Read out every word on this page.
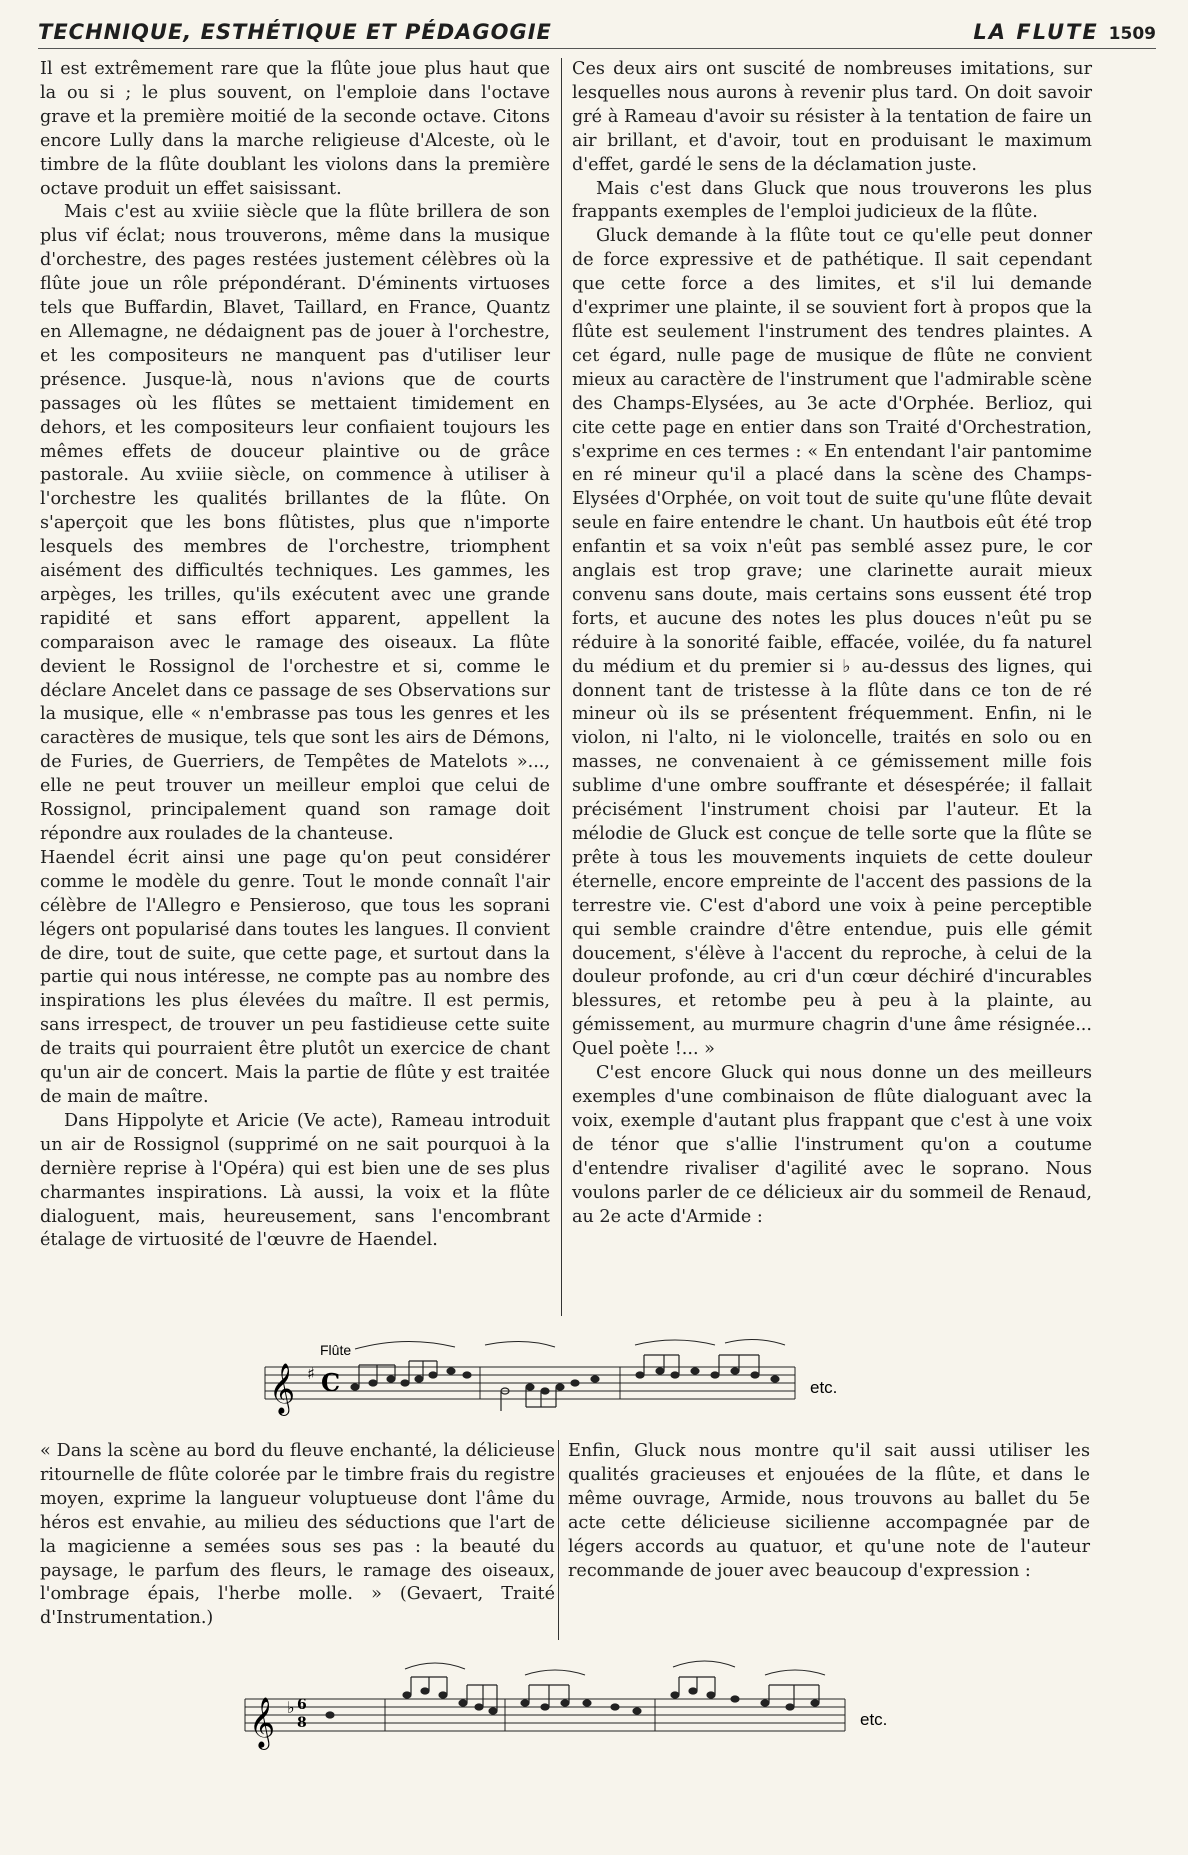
TECHNIQUE, ESTHÉTIQUE ET PÉDAGOGIE	LA FLUTE 1509

Il est extrêmement rare que la flûte joue plus haut que la ou si ; le plus souvent, on l'emploie dans l'octave grave et la première moitié de la seconde octave. Citons encore Lully dans la marche religieuse d'Alceste, où le timbre de la flûte doublant les violons dans la première octave produit un effet saisissant.

Mais c'est au xviiie siècle que la flûte brillera de son plus vif éclat; nous trouverons, même dans la musique d'orchestre, des pages restées justement célèbres où la flûte joue un rôle prépondérant. D'éminents virtuoses tels que Buffardin, Blavet, Taillard, en France, Quantz en Allemagne, ne dédaignent pas de jouer à l'orchestre, et les compositeurs ne manquent pas d'utiliser leur présence. Jusque-là, nous n'avions que de courts passages où les flûtes se mettaient timidement en dehors, et les compositeurs leur confiaient toujours les mêmes effets de douceur plaintive ou de grâce pastorale. Au xviiie siècle, on commence à utiliser à l'orchestre les qualités brillantes de la flûte. On s'aperçoit que les bons flûtistes, plus que n'importe lesquels des membres de l'orchestre, triomphent aisément des difficultés techniques. Les gammes, les arpèges, les trilles, qu'ils exécutent avec une grande rapidité et sans effort apparent, appellent la comparaison avec le ramage des oiseaux. La flûte devient le Rossignol de l'orchestre et si, comme le déclare Ancelet dans ce passage de ses Observations sur la musique, elle « n'embrasse pas tous les genres et les caractères de musique, tels que sont les airs de Démons, de Furies, de Guerriers, de Tempêtes de Matelots »..., elle ne peut trouver un meilleur emploi que celui de Rossignol, principalement quand son ramage doit répondre aux roulades de la chanteuse.

Haendel écrit ainsi une page qu'on peut considérer comme le modèle du genre. Tout le monde connaît l'air célèbre de l'Allegro e Pensieroso, que tous les soprani légers ont popularisé dans toutes les langues. Il convient de dire, tout de suite, que cette page, et surtout dans la partie qui nous intéresse, ne compte pas au nombre des inspirations les plus élevées du maître. Il est permis, sans irrespect, de trouver un peu fastidieuse cette suite de traits qui pourraient être plutôt un exercice de chant qu'un air de concert. Mais la partie de flûte y est traitée de main de maître.

Dans Hippolyte et Aricie (Ve acte), Rameau introduit un air de Rossignol (supprimé on ne sait pourquoi à la dernière reprise à l'Opéra) qui est bien une de ses plus charmantes inspirations. Là aussi, la voix et la flûte dialoguent, mais, heureusement, sans l'encombrant étalage de virtuosité de l'œuvre de Haendel.

Ces deux airs ont suscité de nombreuses imitations, sur lesquelles nous aurons à revenir plus tard. On doit savoir gré à Rameau d'avoir su résister à la tentation de faire un air brillant, et d'avoir, tout en produisant le maximum d'effet, gardé le sens de la déclamation juste.

Mais c'est dans Gluck que nous trouverons les plus frappants exemples de l'emploi judicieux de la flûte.

Gluck demande à la flûte tout ce qu'elle peut donner de force expressive et de pathétique. Il sait cependant que cette force a des limites, et s'il lui demande d'exprimer une plainte, il se souvient fort à propos que la flûte est seulement l'instrument des tendres plaintes. A cet égard, nulle page de musique de flûte ne convient mieux au caractère de l'instrument que l'admirable scène des Champs-Elysées, au 3e acte d'Orphée. Berlioz, qui cite cette page en entier dans son Traité d'Orchestration, s'exprime en ces termes : « En entendant l'air pantomime en ré mineur qu'il a placé dans la scène des Champs-Elysées d'Orphée, on voit tout de suite qu'une flûte devait seule en faire entendre le chant. Un hautbois eût été trop enfantin et sa voix n'eût pas semblé assez pure, le cor anglais est trop grave; une clarinette aurait mieux convenu sans doute, mais certains sons eussent été trop forts, et aucune des notes les plus douces n'eût pu se réduire à la sonorité faible, effacée, voilée, du fa naturel du médium et du premier si ♭ au-dessus des lignes, qui donnent tant de tristesse à la flûte dans ce ton de ré mineur où ils se présentent fréquemment. Enfin, ni le violon, ni l'alto, ni le violoncelle, traités en solo ou en masses, ne convenaient à ce gémissement mille fois sublime d'une ombre souffrante et désespérée; il fallait précisément l'instrument choisi par l'auteur. Et la mélodie de Gluck est conçue de telle sorte que la flûte se prête à tous les mouvements inquiets de cette douleur éternelle, encore empreinte de l'accent des passions de la terrestre vie. C'est d'abord une voix à peine perceptible qui semble craindre d'être entendue, puis elle gémit doucement, s'élève à l'accent du reproche, à celui de la douleur profonde, au cri d'un cœur déchiré d'incurables blessures, et retombe peu à peu à la plainte, au gémissement, au murmure chagrin d'une âme résignée... Quel poète !... »

C'est encore Gluck qui nous donne un des meilleurs exemples d'une combinaison de flûte dialoguant avec la voix, exemple d'autant plus frappant que c'est à une voix de ténor que s'allie l'instrument qu'on a coutume d'entendre rivaliser d'agilité avec le soprano. Nous voulons parler de ce délicieux air du sommeil de Renaud, au 2e acte d'Armide :

Flûte
𝄞 ♯ C	etc.

« Dans la scène au bord du fleuve enchanté, la délicieuse ritournelle de flûte colorée par le timbre frais du registre moyen, exprime la langueur voluptueuse dont l'âme du héros est envahie, au milieu des séductions que l'art de la magicienne a semées sous ses pas : la beauté du paysage, le parfum des fleurs, le ramage des oiseaux, l'ombrage épais, l'herbe molle. » (Gevaert, Traité d'Instrumentation.)

Enfin, Gluck nous montre qu'il sait aussi utiliser les qualités gracieuses et enjouées de la flûte, et dans le même ouvrage, Armide, nous trouvons au ballet du 5e acte cette délicieuse sicilienne accompagnée par de légers accords au quatuor, et qu'une note de l'auteur recommande de jouer avec beaucoup d'expression :

𝄞 ♭ 6
8	etc.
